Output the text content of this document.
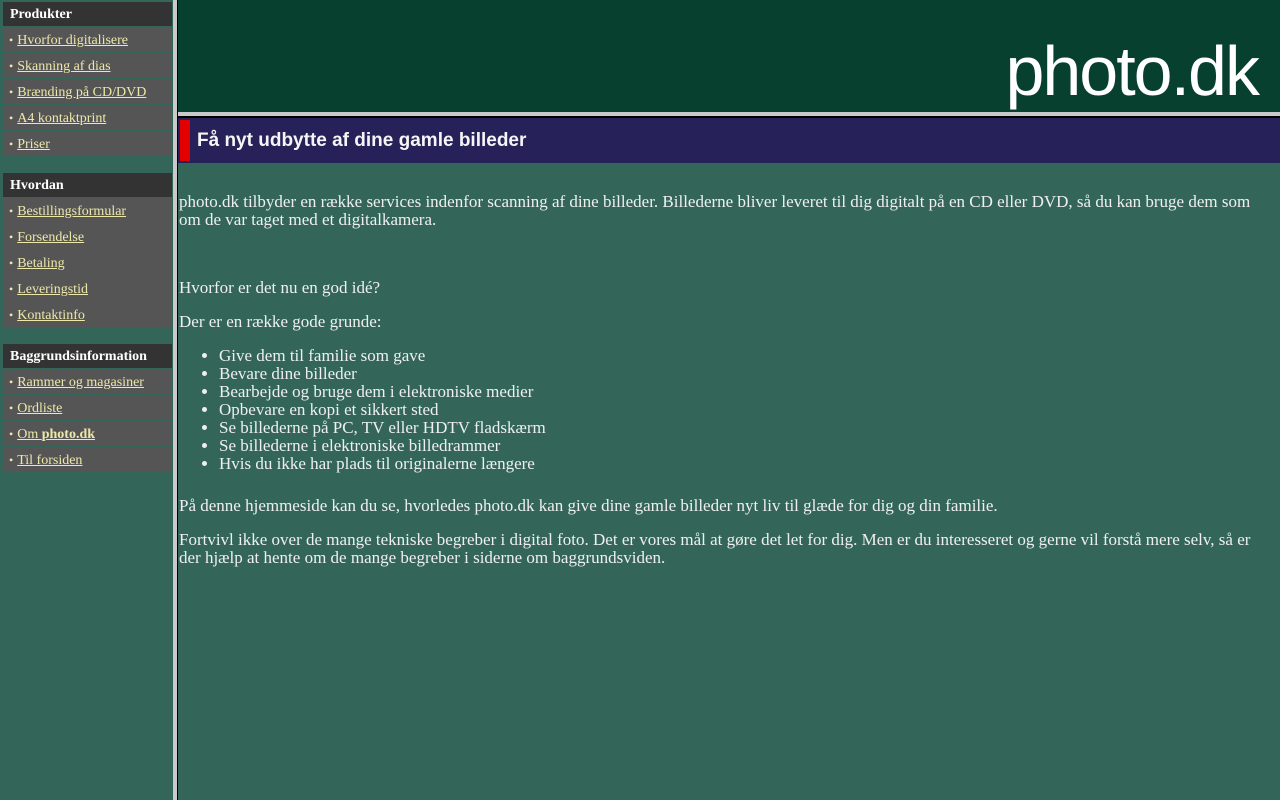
Produkter
• Hvorfor digitalisere
• Skanning af dias
• Brænding på CD/DVD
• A4 kontaktprint
• Priser
Hvordan
• Bestillingsformular
• Forsendelse
• Betaling
• Leveringstid
• Kontaktinfo
Baggrundsinformation
• Rammer og magasiner
• Ordliste
• Om photo.dk
• Til forsiden
photo.dk
Få nyt udbytte af dine gamle billeder

photo.dk tilbyder en række services indenfor scanning af dine billeder. Billederne bliver leveret til dig digitalt på en CD eller DVD, så du kan bruge dem som om de var taget med et digitalkamera.

Hvorfor er det nu en god idé?

Der er en række gode grunde:

• Give dem til familie som gave
• Bevare dine billeder
• Bearbejde og bruge dem i elektroniske medier
• Opbevare en kopi et sikkert sted
• Se billederne på PC, TV eller HDTV fladskærm
• Se billederne i elektroniske billedrammer
• Hvis du ikke har plads til originalerne længere

På denne hjemmeside kan du se, hvorledes photo.dk kan give dine gamle billeder nyt liv til glæde for dig og din familie.

Fortvivl ikke over de mange tekniske begreber i digital foto. Det er vores mål at gøre det let for dig. Men er du interesseret og gerne vil forstå mere selv, så er der hjælp at hente om de mange begreber i siderne om baggrundsviden.
